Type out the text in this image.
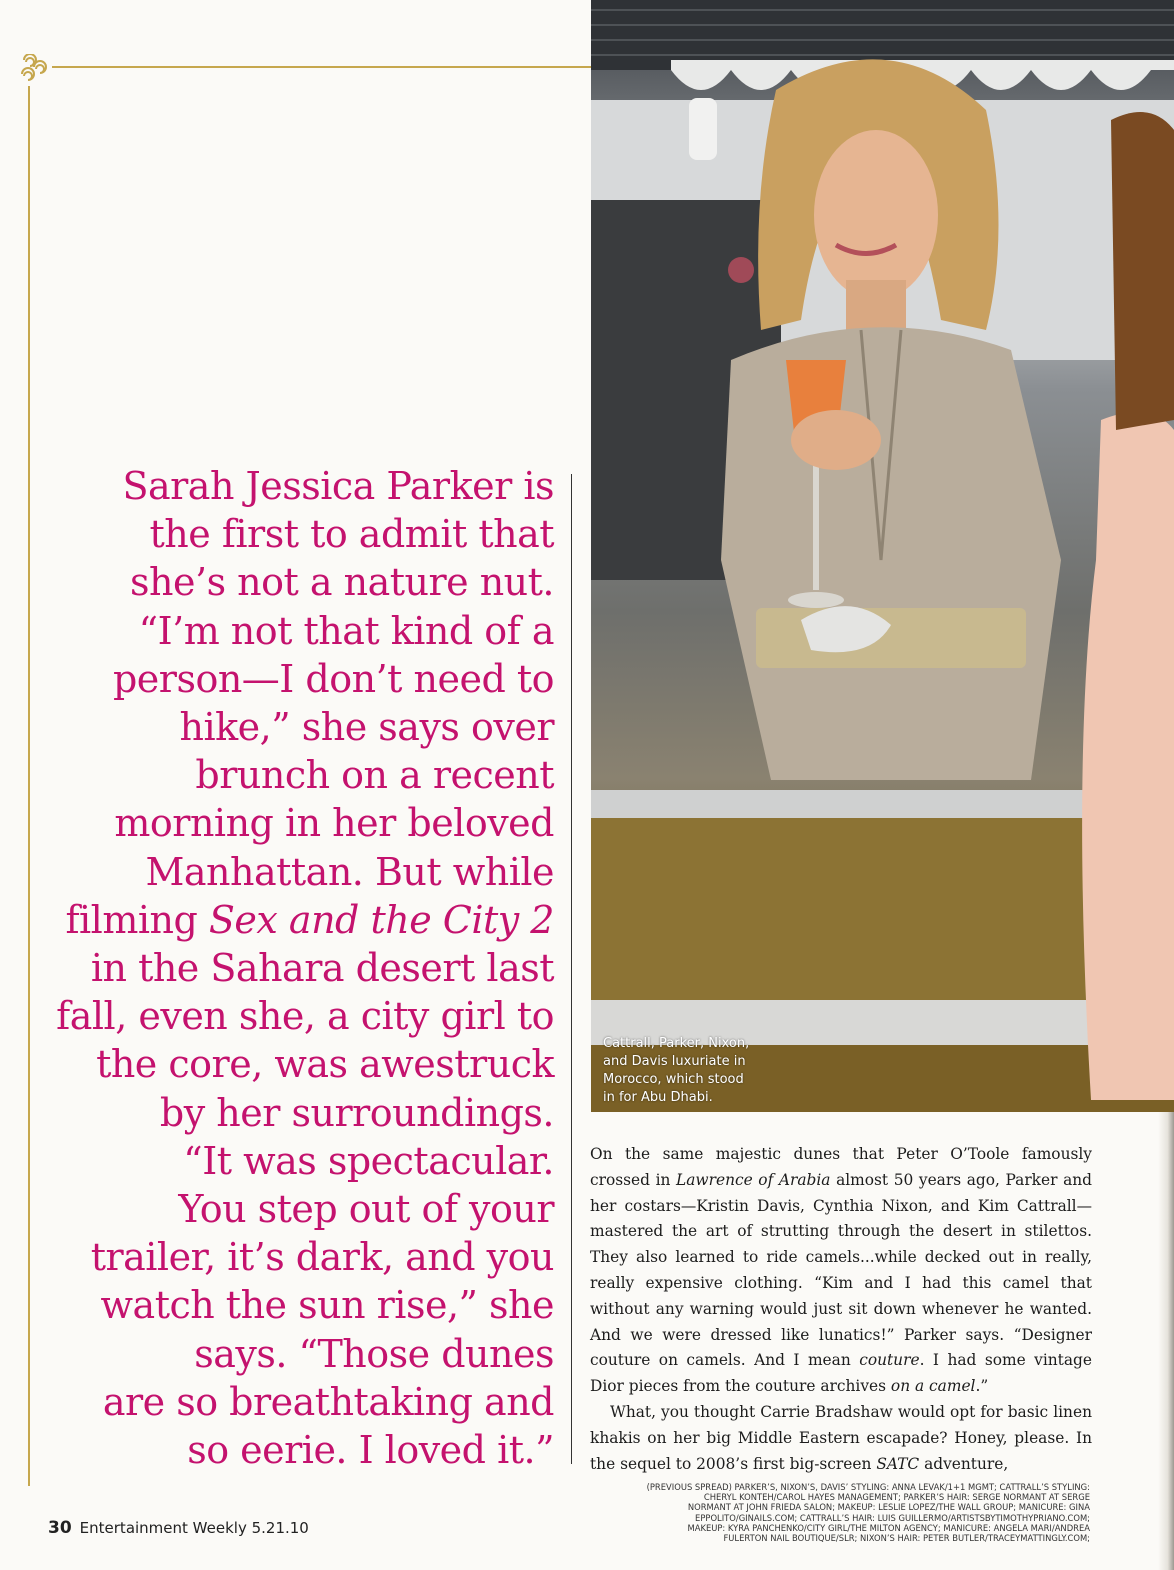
Sarah Jessica Parker is

the first to admit that

she’s not a nature nut.

“I’m not that kind of a

person—I don’t need to

hike,” she says over

brunch on a recent

morning in her beloved

Manhattan. But while

filming Sex and the City 2

in the Sahara desert last

fall, even she, a city girl to

the core, was awestruck

by her surroundings.

“It was spectacular.

You step out of your

trailer, it’s dark, and you

watch the sun rise,” she

says. “Those dunes

are so breathtaking and

so eerie. I loved it.”

Cattrall, Parker, Nixon,
and Davis luxuriate in
Morocco, which stood
in for Abu Dhabi.

On the same majestic dunes that Peter O’Toole famously crossed in Lawrence of Arabia almost 50 years ago, Parker and her costars—Kristin Davis, Cynthia Nixon, and Kim Cattrall—mastered the art of strutting through the desert in stilettos. They also learned to ride camels...while decked out in really, really expensive clothing. “Kim and I had this camel that without any warning would just sit down whenever he wanted. And we were dressed like lunatics!” Parker says. “Designer couture on camels. And I mean couture. I had some vintage Dior pieces from the couture archives on a camel.”

What, you thought Carrie Bradshaw would opt for basic linen khakis on her big Middle Eastern escapade? Honey, please. In the sequel to 2008’s first big-screen SATC adventure,

(PREVIOUS SPREAD) PARKER’S, NIXON’S, DAVIS’ STYLING: ANNA LEVAK/1+1 MGMT; CATTRALL’S STYLING:
CHERYL KONTEH/CAROL HAYES MANAGEMENT; PARKER’S HAIR: SERGE NORMANT AT SERGE
NORMANT AT JOHN FRIEDA SALON; MAKEUP: LESLIE LOPEZ/THE WALL GROUP; MANICURE: GINA
EPPOLITO/GINAILS.COM; CATTRALL’S HAIR: LUIS GUILLERMO/ARTISTSBYTIMOTHYPRIANO.COM;
MAKEUP: KYRA PANCHENKO/CITY GIRL/THE MILTON AGENCY; MANICURE: ANGELA MARI/ANDREA
FULERTON NAIL BOUTIQUE/SLR; NIXON’S HAIR: PETER BUTLER/TRACEYMATTINGLY.COM;
30 Entertainment Weekly 5.21.10
